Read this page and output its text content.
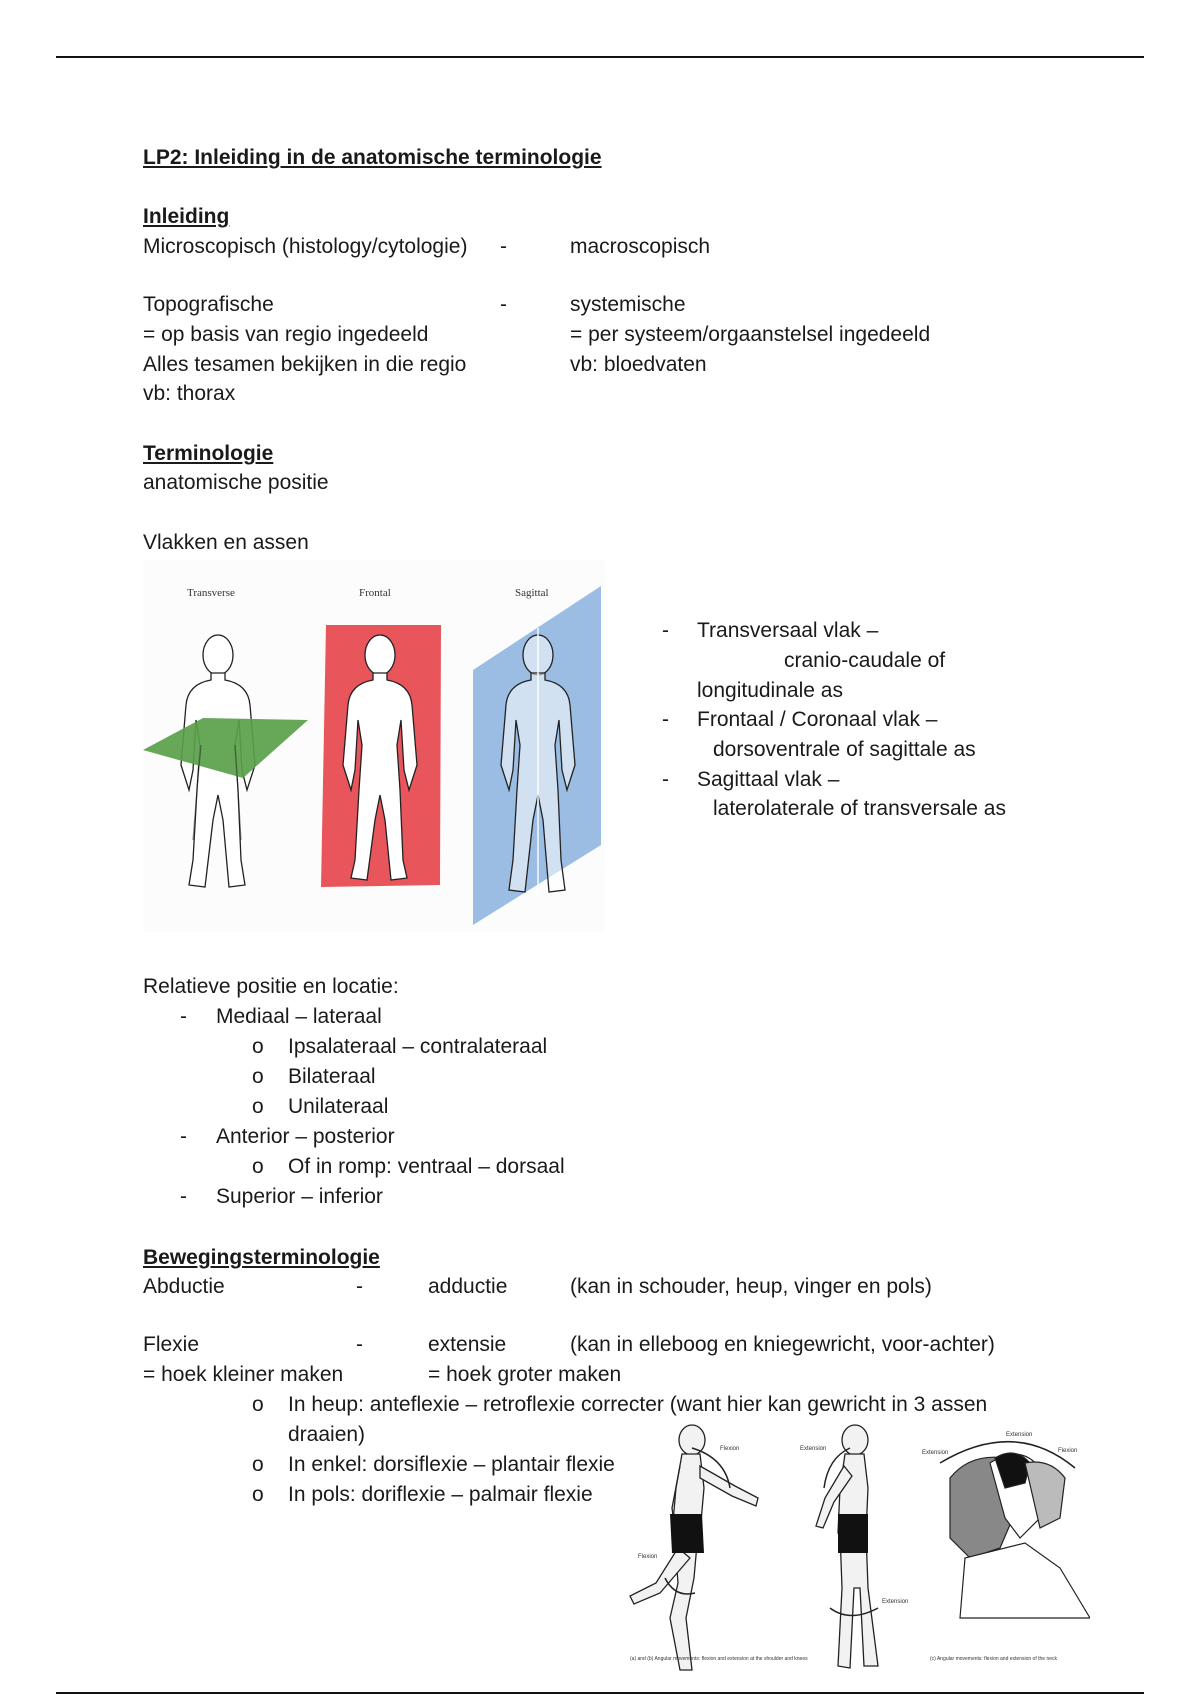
LP2: Inleiding in de anatomische terminologie
Inleiding
Microscopisch (histology/cytologie) -	macroscopisch
Topografische	-	systemische
= op basis van regio ingedeeld	= per systeem/orgaanstelsel ingedeeld
Alles tesamen bekijken in die regio	vb: bloedvaten
vb: thorax
Terminologie
anatomische positie
Vlakken en assen
Transverse	Frontal	Sagittal
- Transversaal vlak –
cranio-caudale of
longitudinale as
- Frontaal / Coronaal vlak –
dorsoventrale of sagittale as
- Sagittaal vlak –
laterolaterale of transversale as
Relatieve positie en locatie:
- Mediaal – lateraal
o Ipsalateraal – contralateraal
o Bilateraal
o Unilateraal
- Anterior – posterior
o Of in romp: ventraal – dorsaal
- Superior – inferior
Bewegingsterminologie
Abductie	-	adductie	(kan in schouder, heup, vinger en pols)
Flexie	-	extensie	(kan in elleboog en kniegewricht, voor-achter)
= hoek kleiner maken	= hoek groter maken
Flexion
Flexion
Extension
Extension
Extension
Extension
Flexion
(a) and (b) Angular movements: flexion and extension at the shoulder and knees	(c) Angular movements: flexion and extension of the neck
o In heup: anteflexie – retroflexie correcter (want hier kan gewricht in 3 assen
draaien)
o In enkel: dorsiflexie – plantair flexie
o In pols: doriflexie – palmair flexie
